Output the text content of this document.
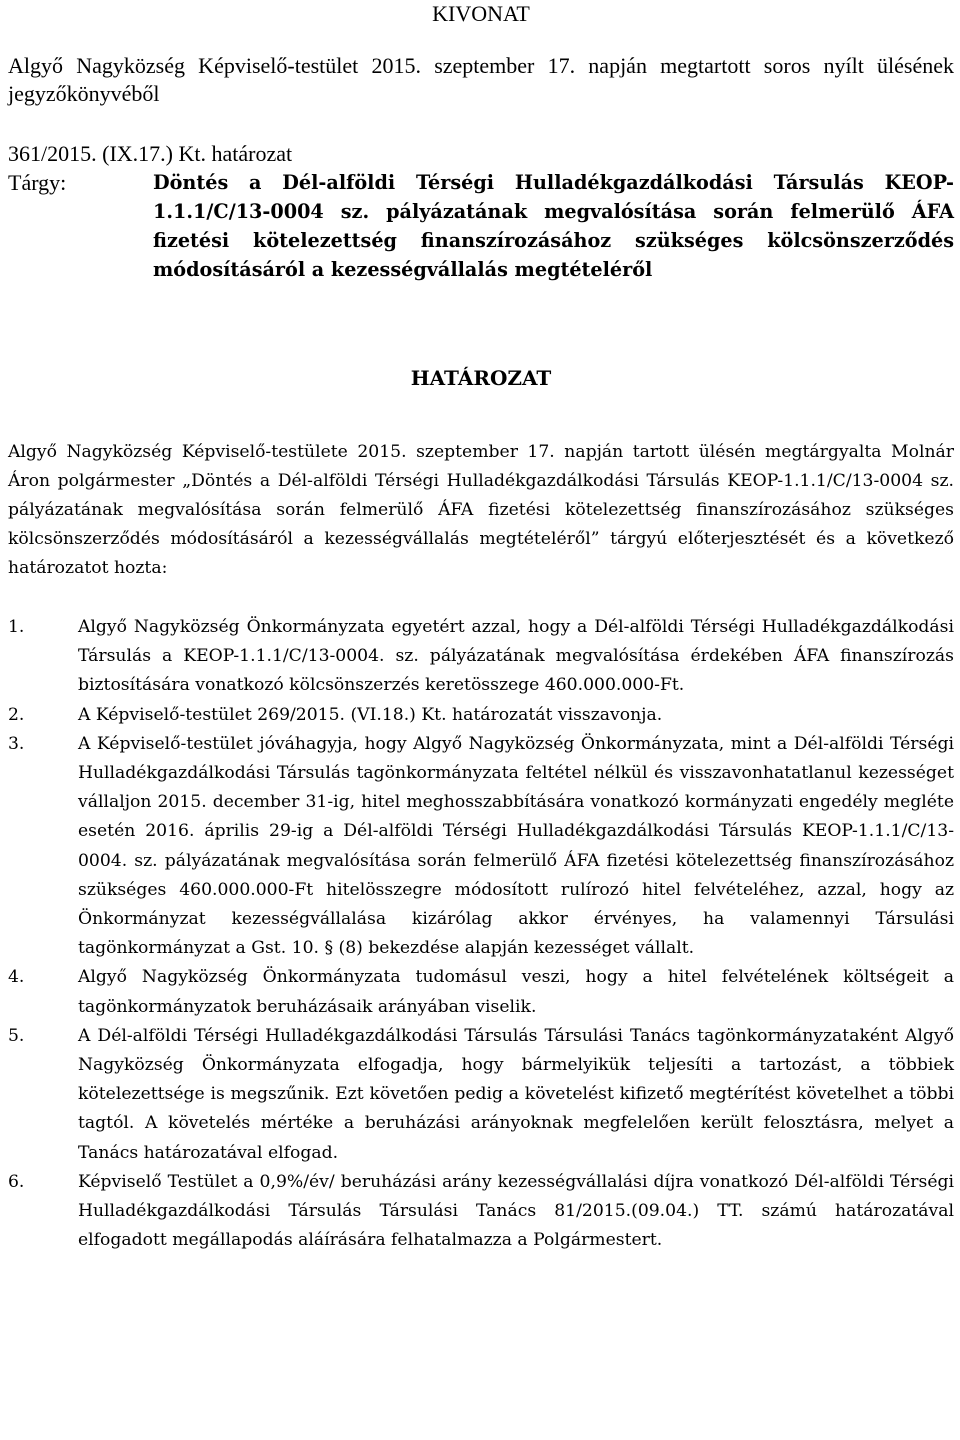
KIVONAT
Algyő Nagyközség Képviselő-testület 2015. szeptember 17. napján megtartott soros nyílt ülésének jegyzőkönyvéből
361/2015. (IX.17.) Kt. határozat
Tárgy:	Döntés a Dél-alföldi Térségi Hulladékgazdálkodási Társulás KEOP-1.1.1/C/13-0004 sz. pályázatának megvalósítása során felmerülő ÁFA fizetési kötelezettség finanszírozásához szükséges kölcsönszerződés módosításáról a kezességvállalás megtételéről
HATÁROZAT
Algyő Nagyközség Képviselő-testülete 2015. szeptember 17. napján tartott ülésén megtárgyalta Molnár Áron polgármester „Döntés a Dél-alföldi Térségi Hulladékgazdálkodási Társulás KEOP-1.1.1/C/13-0004 sz. pályázatának megvalósítása során felmerülő ÁFA fizetési kötelezettség finanszírozásához szükséges kölcsönszerződés módosításáról a kezességvállalás megtételéről” tárgyú előterjesztését és a következő határozatot hozta:
1.	Algyő Nagyközség Önkormányzata egyetért azzal, hogy a Dél-alföldi Térségi Hulladékgazdálkodási Társulás a KEOP-1.1.1/C/13-0004. sz. pályázatának megvalósítása érdekében ÁFA finanszírozás biztosítására vonatkozó kölcsönszerzés keretösszege 460.000.000-Ft.
2.	A Képviselő-testület 269/2015. (VI.18.) Kt. határozatát visszavonja.
3.	A Képviselő-testület jóváhagyja, hogy Algyő Nagyközség Önkormányzata, mint a Dél-alföldi Térségi Hulladékgazdálkodási Társulás tagönkormányzata feltétel nélkül és visszavonhatatlanul kezességet vállaljon 2015. december 31-ig, hitel meghosszabbítására vonatkozó kormányzati engedély megléte esetén 2016. április 29-ig a Dél-alföldi Térségi Hulladékgazdálkodási Társulás KEOP-1.1.1/C/13-0004. sz. pályázatának megvalósítása során felmerülő ÁFA fizetési kötelezettség finanszírozásához szükséges 460.000.000-Ft hitelösszegre módosított rulírozó hitel felvételéhez, azzal, hogy az Önkormányzat kezességvállalása kizárólag akkor érvényes, ha valamennyi Társulási tagönkormányzat a Gst. 10. § (8) bekezdése alapján kezességet vállalt.
4.	Algyő Nagyközség Önkormányzata tudomásul veszi, hogy a hitel felvételének költségeit a tagönkormányzatok beruházásaik arányában viselik.
5.	A Dél-alföldi Térségi Hulladékgazdálkodási Társulás Társulási Tanács tagönkormányzataként Algyő Nagyközség Önkormányzata elfogadja, hogy bármelyikük teljesíti a tartozást, a többiek kötelezettsége is megszűnik. Ezt követően pedig a követelést kifizető megtérítést követelhet a többi tagtól. A követelés mértéke a beruházási arányoknak megfelelően került felosztásra, melyet a Tanács határozatával elfogad.
6.	Képviselő Testület a 0,9%/év/ beruházási arány kezességvállalási díjra vonatkozó Dél-alföldi Térségi Hulladékgazdálkodási Társulás Társulási Tanács 81/2015.(09.04.) TT. számú határozatával elfogadott megállapodás aláírására felhatalmazza a Polgármestert.
